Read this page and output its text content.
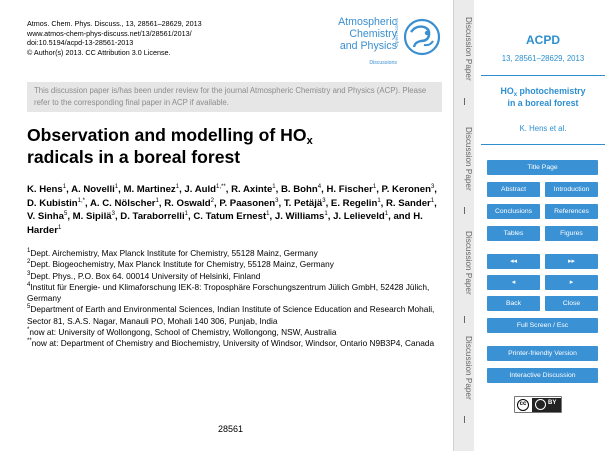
Atmos. Chem. Phys. Discuss., 13, 28561–28629, 2013
www.atmos-chem-phys-discuss.net/13/28561/2013/
doi:10.5194/acpd-13-28561-2013
© Author(s) 2013. CC Attribution 3.0 License.
Atmospheric
Chemistry
and Physics
Discussions
Open Access
This discussion paper is/has been under review for the journal Atmospheric Chemistry and Physics (ACP). Please refer to the corresponding final paper in ACP if available.
Observation and modelling of $HO_x$
radicals in a boreal forest
K. Hens$^1$, A. Novelli$^1$, M. Martinez$^1$, J. Auld$^{1,**}$, R. Axinte$^1$, B. Bohn$^4$, H. Fischer$^1$, P. Keronen$^3$, D. Kubistin$^{1,*}$, A. C. Nölscher$^1$, R. Oswald$^2$, P. Paasonen$^3$, T. Petäjä$^3$, E. Regelin$^1$, R. Sander$^1$, V. Sinha$^5$, M. Sipilä$^3$, D. Taraborrelli$^1$, C. Tatum Ernest$^1$, J. Williams$^1$, J. Lelieveld$^1$, and H. Harder$^1$
$^1$Dept. Airchemistry, Max Planck Institute for Chemistry, 55128 Mainz, Germany
$^2$Dept. Biogeochemistry, Max Planck Institute for Chemistry, 55128 Mainz, Germany
$^3$Dept. Phys., P.O. Box 64. 00014 University of Helsinki, Finland
$^4$Institut für Energie- und Klimaforschung IEK-8: Troposphäre Forschungszentrum Jülich GmbH, 52428 Jülich, Germany
$^5$Department of Earth and Environmental Sciences, Indian Institute of Science Education and Research Mohali, Sector 81, S.A.S. Nagar, Manauli PO, Mohali 140 306, Punjab, India
*now at: University of Wollongong, School of Chemistry, Wollongong, NSW, Australia
**now at: Department of Chemistry and Biochemistry, University of Windsor, Windsor, Ontario N9B3P4, Canada
28561
Discussion Paper
Discussion Paper
Discussion Paper
Discussion Paper
ACPD
13, 28561–28629, 2013
$HO_x$ photochemistry
in a boreal forest
K. Hens et al.
Title Page
Abstract	Introduction
Conclusions	References
Tables	Figures
◂◂	▸▸
◂	▸
Back	Close
Full Screen / Esc
Printer-friendly Version
Interactive Discussion
cc	BY
